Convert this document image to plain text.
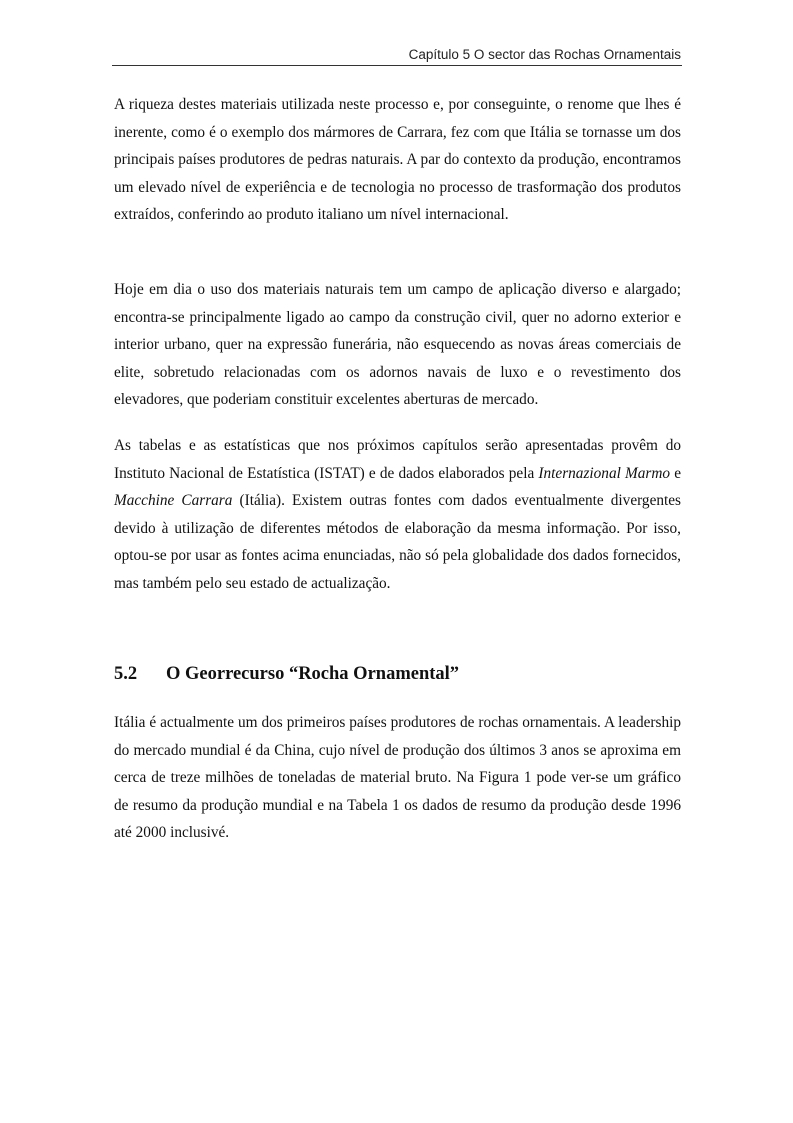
Capítulo 5 O sector das Rochas Ornamentais

A riqueza destes materiais utilizada neste processo e, por conseguinte, o renome que lhes é inerente, como é o exemplo dos mármores de Carrara, fez com que Itália se tornasse um dos principais países produtores de pedras naturais. A par do contexto da produção, encontramos um elevado nível de experiência e de tecnologia no processo de trasformação dos produtos extraídos, conferindo ao produto italiano um nível internacional.

Hoje em dia o uso dos materiais naturais tem um campo de aplicação diverso e alargado; encontra-se principalmente ligado ao campo da construção civil, quer no adorno exterior e interior urbano, quer na expressão funerária, não esquecendo as novas áreas comerciais de elite, sobretudo relacionadas com os adornos navais de luxo e o revestimento dos elevadores, que poderiam constituir excelentes aberturas de mercado.

As tabelas e as estatísticas que nos próximos capítulos serão apresentadas provêm do Instituto Nacional de Estatística (ISTAT) e de dados elaborados pela Internazional Marmo e Macchine Carrara (Itália). Existem outras fontes com dados eventualmente divergentes devido à utilização de diferentes métodos de elaboração da mesma informação. Por isso, optou-se por usar as fontes acima enunciadas, não só pela globalidade dos dados fornecidos, mas também pelo seu estado de actualização.

5.2 O Georrecurso “Rocha Ornamental”

Itália é actualmente um dos primeiros países produtores de rochas ornamentais. A leadership do mercado mundial é da China, cujo nível de produção dos últimos 3 anos se aproxima em cerca de treze milhões de toneladas de material bruto. Na Figura 1 pode ver-se um gráfico de resumo da produção mundial e na Tabela 1 os dados de resumo da produção desde 1996 até 2000 inclusivé.
